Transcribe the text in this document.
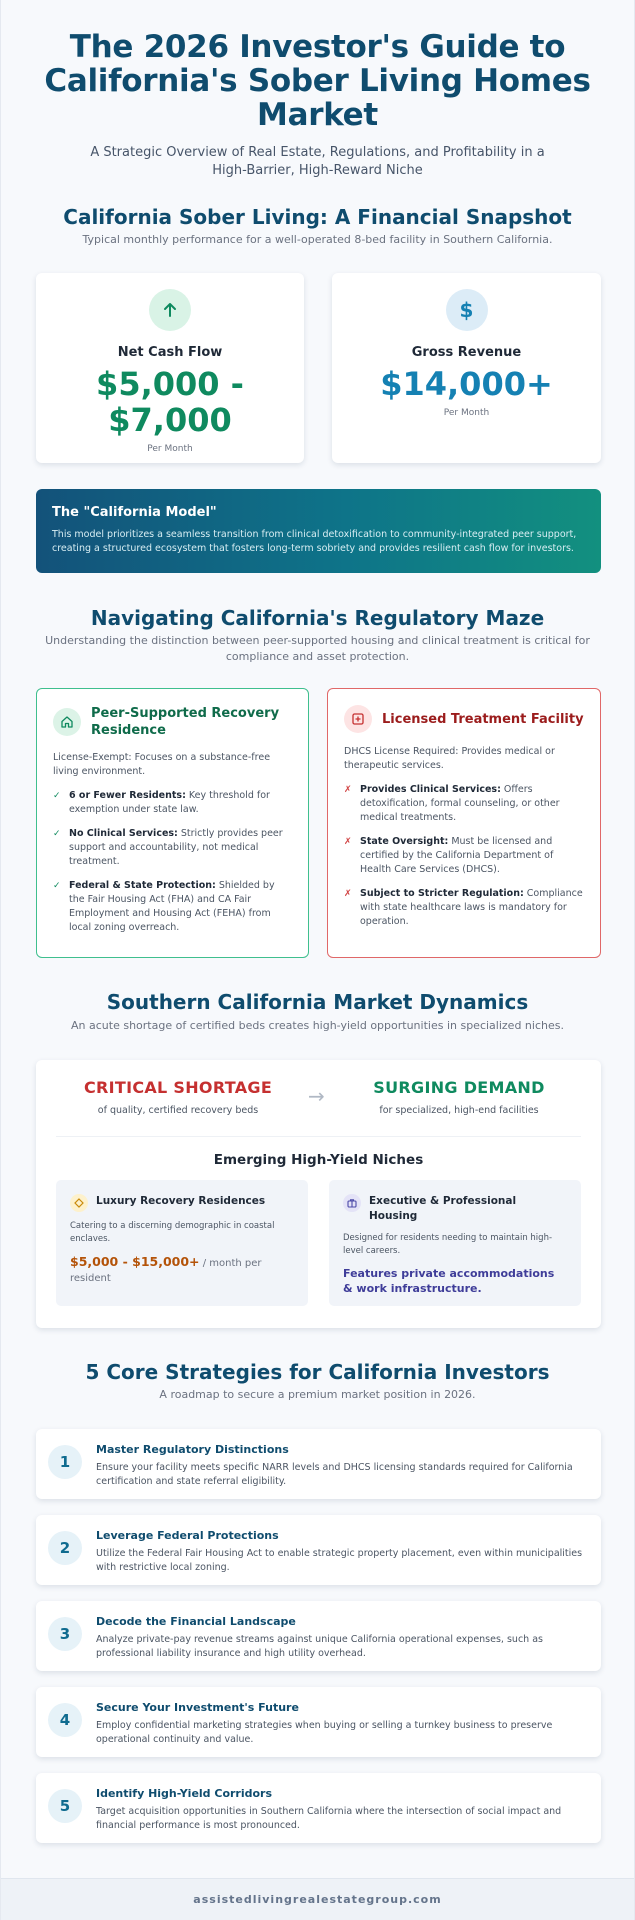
The 2026 Investor's Guide to California's Sober Living Homes Market

A Strategic Overview of Real Estate, Regulations, and Profitability in a High-Barrier, High-Reward Niche

California Sober Living: A Financial Snapshot
Typical monthly performance for a well-operated 8-bed facility in Southern California.
Net Cash Flow
$5,000 - $7,000
Per Month
$
Gross Revenue
$14,000+
Per Month
The "California Model"

This model prioritizes a seamless transition from clinical detoxification to community-integrated peer support, creating a structured ecosystem that fosters long-term sobriety and provides resilient cash flow for investors.

Navigating California's Regulatory Maze
Understanding the distinction between peer-supported housing and clinical treatment is critical for compliance and asset protection.
Peer-Supported Recovery Residence
License-Exempt: Focuses on a substance-free living environment.
✓ 6 or Fewer Residents: Key threshold for exemption under state law.
✓ No Clinical Services: Strictly provides peer support and accountability, not medical treatment.
✓ Federal & State Protection: Shielded by the Fair Housing Act (FHA) and CA Fair Employment and Housing Act (FEHA) from local zoning overreach.
Licensed Treatment Facility
DHCS License Required: Provides medical or therapeutic services.
✗ Provides Clinical Services: Offers detoxification, formal counseling, or other medical treatments.
✗ State Oversight: Must be licensed and certified by the California Department of Health Care Services (DHCS).
✗ Subject to Stricter Regulation: Compliance with state healthcare laws is mandatory for operation.
Southern California Market Dynamics
An acute shortage of certified beds creates high-yield opportunities in specialized niches.
CRITICAL SHORTAGE
of quality, certified recovery beds
→	SURGING DEMAND
for specialized, high-end facilities
Emerging High-Yield Niches
Luxury Recovery Residences
Catering to a discerning demographic in coastal enclaves.
$5,000 - $15,000+ / month per resident
Executive & Professional Housing
Designed for residents needing to maintain high-level careers.
Features private accommodations & work infrastructure.
5 Core Strategies for California Investors
A roadmap to secure a premium market position in 2026.
1
Master Regulatory Distinctions
Ensure your facility meets specific NARR levels and DHCS licensing standards required for California certification and state referral eligibility.
2
Leverage Federal Protections
Utilize the Federal Fair Housing Act to enable strategic property placement, even within municipalities with restrictive local zoning.
3
Decode the Financial Landscape
Analyze private-pay revenue streams against unique California operational expenses, such as professional liability insurance and high utility overhead.
4
Secure Your Investment's Future
Employ confidential marketing strategies when buying or selling a turnkey business to preserve operational continuity and value.
5
Identify High-Yield Corridors
Target acquisition opportunities in Southern California where the intersection of social impact and financial performance is most pronounced.
assistedlivingrealestategroup.com
